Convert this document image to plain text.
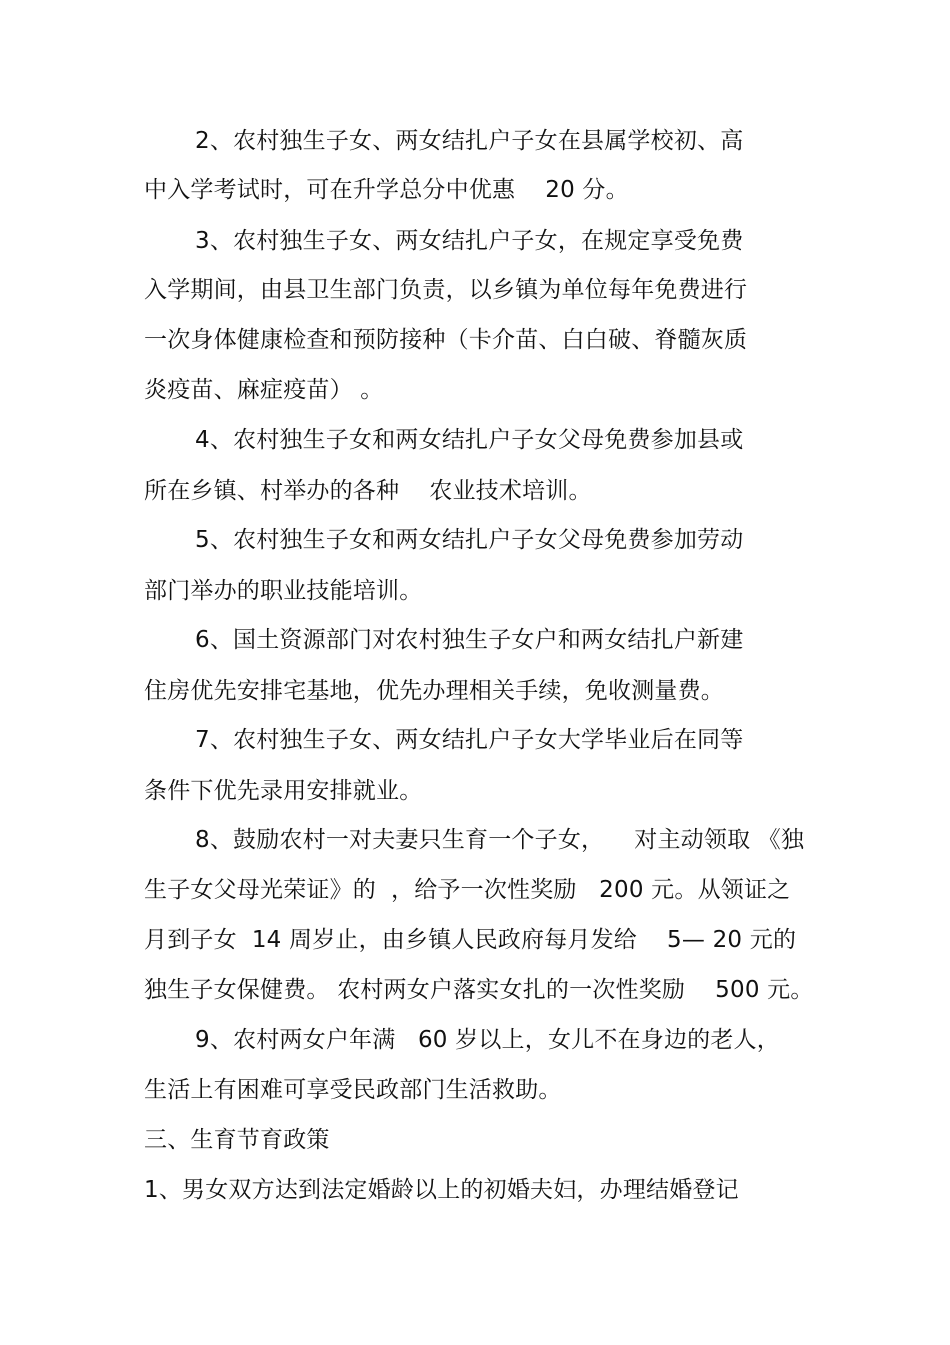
2、农村独生子女、两女结扎户子女在县属学校初、高
中入学考试时，可在升学总分中优惠    20 分。
3、农村独生子女、两女结扎户子女，在规定享受免费
入学期间，由县卫生部门负责，以乡镇为单位每年免费进行
一次身体健康检查和预防接种（卡介苗、白白破、脊髓灰质
炎疫苗、麻症疫苗） 。
4、农村独生子女和两女结扎户子女父母免费参加县或
所在乡镇、村举办的各种    农业技术培训。
5、农村独生子女和两女结扎户子女父母免费参加劳动
部门举办的职业技能培训。
6、国土资源部门对农村独生子女户和两女结扎户新建
住房优先安排宅基地，优先办理相关手续，免收测量费。
7、农村独生子女、两女结扎户子女大学毕业后在同等
条件下优先录用安排就业。
8、鼓励农村一对夫妻只生育一个子女，    对主动领取 《独
生子女父母光荣证》的  ，给予一次性奖励   200 元。从领证之
月到子女  14 周岁止，由乡镇人民政府每月发给    5— 20 元的
独生子女保健费。 农村两女户落实女扎的一次性奖励    500 元。
9、农村两女户年满   60 岁以上，女儿不在身边的老人，
生活上有困难可享受民政部门生活救助。
三、生育节育政策
1、男女双方达到法定婚龄以上的初婚夫妇，办理结婚登记
